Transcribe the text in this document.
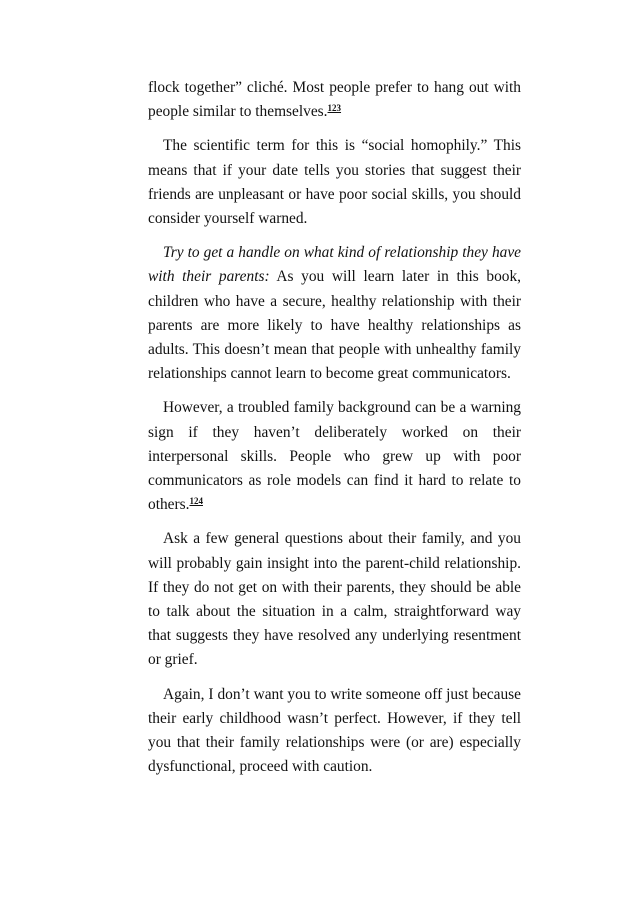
flock together” cliché. Most people prefer to hang out with people similar to themselves.$^{123}$

The scientific term for this is “social homophily.” This means that if your date tells you stories that suggest their friends are unpleasant or have poor social skills, you should consider yourself warned.

Try to get a handle on what kind of relationship they have with their parents: As you will learn later in this book, children who have a secure, healthy relationship with their parents are more likely to have healthy relationships as adults. This doesn’t mean that people with unhealthy family relationships cannot learn to become great communicators.

However, a troubled family background can be a warning sign if they haven’t deliberately worked on their interpersonal skills. People who grew up with poor communicators as role models can find it hard to relate to others.$^{124}$

Ask a few general questions about their family, and you will probably gain insight into the parent-child relationship. If they do not get on with their parents, they should be able to talk about the situation in a calm, straightforward way that suggests they have resolved any underlying resentment or grief.

Again, I don’t want you to write someone off just because their early childhood wasn’t perfect. However, if they tell you that their family relationships were (or are) especially dysfunctional, proceed with caution.
